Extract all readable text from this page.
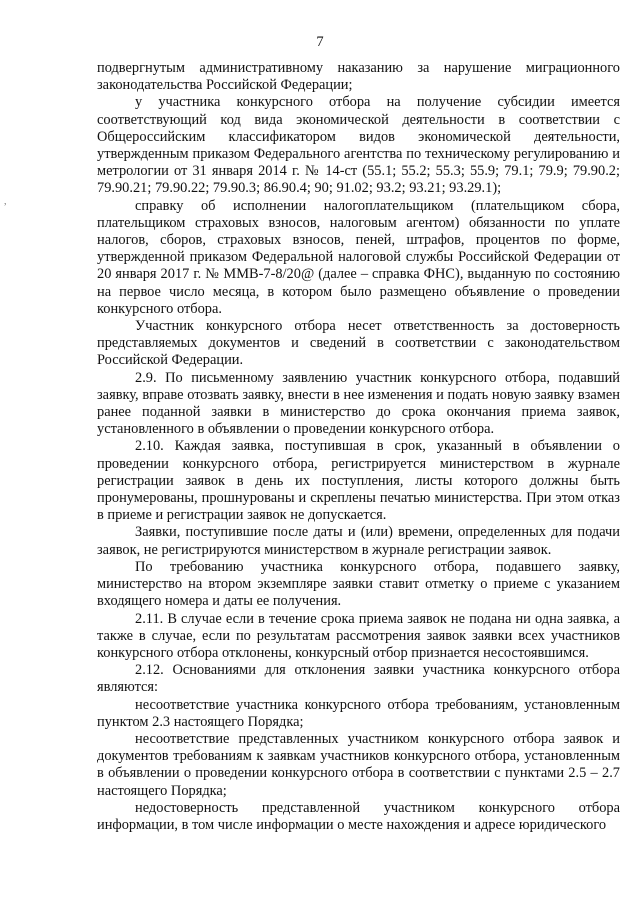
7
,

подвергнутым административному наказанию за нарушение миграционного законодательства Российской Федерации;

у участника конкурсного отбора на получение субсидии имеется соответствующий код вида экономической деятельности в соответствии с Общероссийским классификатором видов экономической деятельности, утвержденным приказом Федерального агентства по техническому регулированию и метрологии от 31 января 2014 г. № 14-ст (55.1; 55.2; 55.3; 55.9; 79.1; 79.9; 79.90.2; 79.90.21; 79.90.22; 79.90.3; 86.90.4; 90; 91.02; 93.2; 93.21; 93.29.1);

справку об исполнении налогоплательщиком (плательщиком сбора, плательщиком страховых взносов, налоговым агентом) обязанности по уплате налогов, сборов, страховых взносов, пеней, штрафов, процентов по форме, утвержденной приказом Федеральной налоговой службы Российской Федерации от 20 января 2017 г. № ММВ-7-8/20@ (далее – справка ФНС), выданную по состоянию на первое число месяца, в котором было размещено объявление о проведении конкурсного отбора.

Участник конкурсного отбора несет ответственность за достоверность представляемых документов и сведений в соответствии с законодательством Российской Федерации.

2.9. По письменному заявлению участник конкурсного отбора, подавший заявку, вправе отозвать заявку, внести в нее изменения и подать новую заявку взамен ранее поданной заявки в министерство до срока окончания приема заявок, установленного в объявлении о проведении конкурсного отбора.

2.10. Каждая заявка, поступившая в срок, указанный в объявлении о проведении конкурсного отбора, регистрируется министерством в журнале регистрации заявок в день их поступления, листы которого должны быть пронумерованы, прошнурованы и скреплены печатью министерства. При этом отказ в приеме и регистрации заявок не допускается.

Заявки, поступившие после даты и (или) времени, определенных для подачи заявок, не регистрируются министерством в журнале регистрации заявок.

По требованию участника конкурсного отбора, подавшего заявку, министерство на втором экземпляре заявки ставит отметку о приеме с указанием входящего номера и даты ее получения.

2.11. В случае если в течение срока приема заявок не подана ни одна заявка, а также в случае, если по результатам рассмотрения заявок заявки всех участников конкурсного отбора отклонены, конкурсный отбор признается несостоявшимся.

2.12. Основаниями для отклонения заявки участника конкурсного отбора являются:

несоответствие участника конкурсного отбора требованиям, установленным пунктом 2.3 настоящего Порядка;

несоответствие представленных участником конкурсного отбора заявок и документов требованиям к заявкам участников конкурсного отбора, установленным в объявлении о проведении конкурсного отбора в соответствии с пунктами 2.5 – 2.7 настоящего Порядка;

недостоверность представленной участником конкурсного отбора информации, в том числе информации о месте нахождения и адресе юридического
